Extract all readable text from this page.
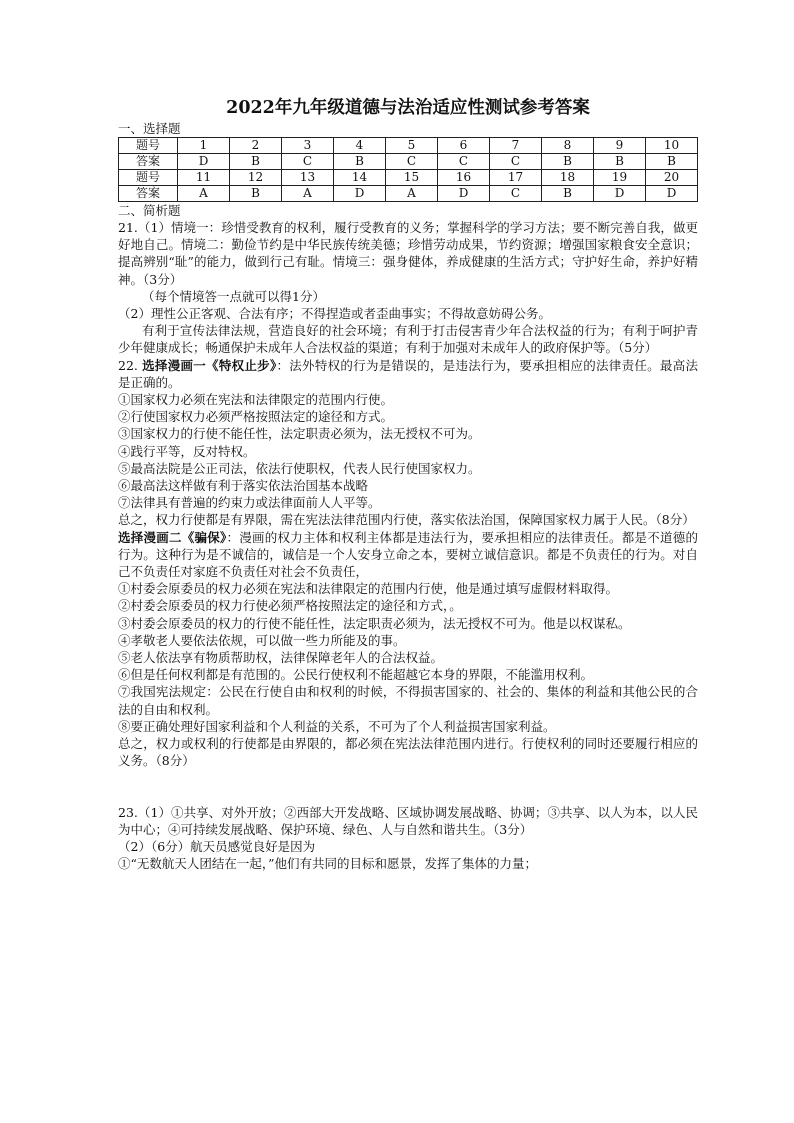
2022年九年级道德与法治适应性测试参考答案

一、选择题

题号	1	2	3	4	5	6	7	8	9	10
答案	D	B	C	B	C	C	C	B	B	B
题号	11	12	13	14	15	16	17	18	19	20
答案	A	B	A	D	A	D	C	B	D	D

二、简析题

21.（1）情境一：珍惜受教育的权利，履行受教育的义务；掌握科学的学习方法；要不断完善自我，做更好地自己。情境二：勤俭节约是中华民族传统美德；珍惜劳动成果，节约资源；增强国家粮食安全意识；提高辨别“耻”的能力，做到行己有耻。情境三：强身健体，养成健康的生活方式；守护好生命，养护好精神。（3分）

（每个情境答一点就可以得1分）

（2）理性公正客观、合法有序；不得捏造或者歪曲事实；不得故意妨碍公务。

有利于宣传法律法规，营造良好的社会环境；有利于打击侵害青少年合法权益的行为；有利于呵护青少年健康成长；畅通保护未成年人合法权益的渠道；有利于加强对未成年人的政府保护等。（5分）

22. 选择漫画一《特权止步》：法外特权的行为是错误的，是违法行为，要承担相应的法律责任。最高法是正确的。

①国家权力必须在宪法和法律限定的范围内行使。

②行使国家权力必须严格按照法定的途径和方式。

③国家权力的行使不能任性，法定职责必须为，法无授权不可为。

④践行平等，反对特权。

⑤最高法院是公正司法，依法行使职权，代表人民行使国家权力。

⑥最高法这样做有利于落实依法治国基本战略

⑦法律具有普遍的约束力或法律面前人人平等。

总之，权力行使都是有界限，需在宪法法律范围内行使，落实依法治国，保障国家权力属于人民。（8分）

选择漫画二《骗保》：漫画的权力主体和权利主体都是违法行为，要承担相应的法律责任。都是不道德的行为。这种行为是不诚信的，诚信是一个人安身立命之本，要树立诚信意识。都是不负责任的行为。对自己不负责任对家庭不负责任对社会不负责任，

①村委会原委员的权力必须在宪法和法律限定的范围内行使，他是通过填写虚假材料取得。

②村委会原委员的权力行使必须严格按照法定的途径和方式，。

③村委会原委员的权力的行使不能任性，法定职责必须为，法无授权不可为。他是以权谋私。

④孝敬老人要依法依规，可以做一些力所能及的事。

⑤老人依法享有物质帮助权，法律保障老年人的合法权益。

⑥但是任何权利都是有范围的。公民行使权利不能超越它本身的界限，不能滥用权利。

⑦我国宪法规定：公民在行使自由和权利的时候，不得损害国家的、社会的、集体的利益和其他公民的合法的自由和权利。

⑧要正确处理好国家利益和个人利益的关系，不可为了个人利益损害国家利益。

总之，权力或权利的行使都是由界限的，都必须在宪法法律范围内进行。行使权利的同时还要履行相应的义务。（8分）

23.（1）①共享、对外开放；②西部大开发战略、区域协调发展战略、协调；③共享、以人为本，以人民为中心；④可持续发展战略、保护环境、绿色、人与自然和谐共生。（3分）

（2）（6分）航天员感觉良好是因为

①“无数航天人团结在一起，”他们有共同的目标和愿景，发挥了集体的力量；
